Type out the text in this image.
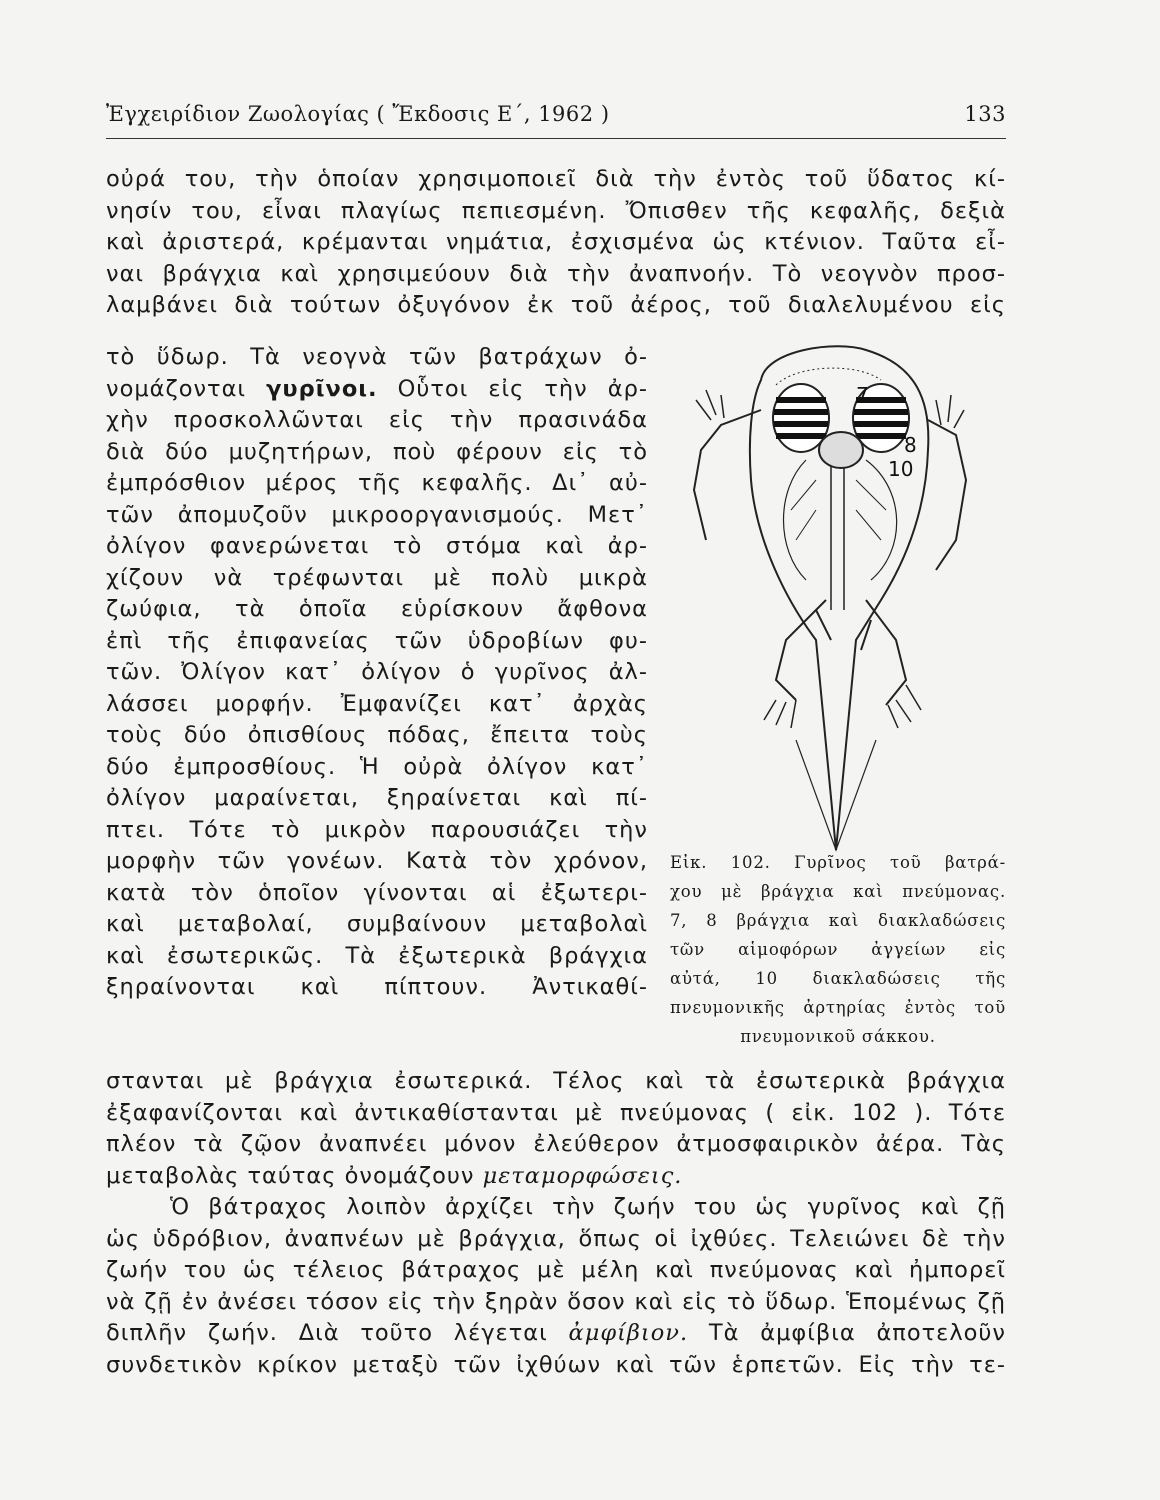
Ἐγχειρίδιον Ζωολογίας ( Ἔκδοσις Ε΄, 1962 )	133
οὐρά του, τὴν ὁποίαν χρησιμοποιεῖ διὰ τὴν ἐντὸς τοῦ ὕδατος κί-
νησίν του, εἶναι πλαγίως πεπιεσμένη. Ὄπισθεν τῆς κεφαλῆς, δεξιὰ
καὶ ἀριστερά, κρέμανται νημάτια, ἐσχισμένα ὡς κτένιον. Ταῦτα εἶ-
ναι βράγχια καὶ χρησιμεύουν διὰ τὴν ἀναπνοήν. Τὸ νεογνὸν προσ-
λαμβάνει διὰ τούτων ὀξυγόνον ἐκ τοῦ ἀέρος, τοῦ διαλελυμένου εἰς
τὸ ὕδωρ. Τὰ νεογνὰ τῶν βατράχων ὀ-
νομάζονται γυρῖνοι. Οὗτοι εἰς τὴν ἀρ-
χὴν προσκολλῶνται εἰς τὴν πρασινάδα
διὰ δύο μυζητήρων, ποὺ φέρουν εἰς τὸ
ἐμπρόσθιον μέρος τῆς κεφαλῆς. Δι᾽ αὐ-
τῶν ἀπομυζοῦν μικροοργανισμούς. Μετ᾽
ὀλίγον φανερώνεται τὸ στόμα καὶ ἀρ-
χίζουν νὰ τρέφωνται μὲ πολὺ μικρὰ
ζωύφια, τὰ ὁποῖα εὑρίσκουν ἄφθονα
ἐπὶ τῆς ἐπιφανείας τῶν ὑδροβίων φυ-
τῶν. Ὀλίγον κατ᾽ ὀλίγον ὁ γυρῖνος ἀλ-
λάσσει μορφήν. Ἐμφανίζει κατ᾽ ἀρχὰς
τοὺς δύο ὀπισθίους πόδας, ἔπειτα τοὺς
δύο ἐμπροσθίους. Ἡ οὐρὰ ὀλίγον κατ᾽
ὀλίγον μαραίνεται, ξηραίνεται καὶ πί-
πτει. Τότε τὸ μικρὸν παρουσιάζει τὴν
μορφὴν τῶν γονέων. Κατὰ τὸν χρόνον,
κατὰ τὸν ὁποῖον γίνονται αἱ ἐξωτερι-
καὶ μεταβολαί, συμβαίνουν μεταβολαὶ
καὶ ἐσωτερικῶς. Τὰ ἐξωτερικὰ βράγχια
ξηραίνονται καὶ πίπτουν. Ἀντικαθί-
7
8
10
Εἰκ. 102. Γυρῖνος τοῦ βατρά-
χου μὲ βράγχια καὶ πνεύμονας.
7, 8 βράγχια καὶ διακλαδώσεις
τῶν αἱμοφόρων ἀγγείων εἰς
αὐτά, 10 διακλαδώσεις τῆς
πνευμονικῆς ἀρτηρίας ἐντὸς τοῦ
πνευμονικοῦ σάκκου.
στανται μὲ βράγχια ἐσωτερικά. Τέλος καὶ τὰ ἐσωτερικὰ βράγχια
ἐξαφανίζονται καὶ ἀντικαθίστανται μὲ πνεύμονας ( εἰκ. 102 ). Τότε
πλέον τὰ ζῷον ἀναπνέει μόνον ἐλεύθερον ἀτμοσφαιρικὸν ἀέρα. Τὰς
μεταβολὰς ταύτας ὀνομάζουν μεταμορφώσεις.
Ὁ βάτραχος λοιπὸν ἀρχίζει τὴν ζωήν του ὡς γυρῖνος καὶ ζῇ
ὡς ὑδρόβιον, ἀναπνέων μὲ βράγχια, ὅπως οἱ ἰχθύες. Τελειώνει δὲ τὴν
ζωήν του ὡς τέλειος βάτραχος μὲ μέλη καὶ πνεύμονας καὶ ἠμπορεῖ
νὰ ζῇ ἐν ἀνέσει τόσον εἰς τὴν ξηρὰν ὅσον καὶ εἰς τὸ ὕδωρ. Ἑπομένως ζῇ
διπλῆν ζωήν. Διὰ τοῦτο λέγεται ἀμφίβιον. Τὰ ἀμφίβια ἀποτελοῦν
συνδετικὸν κρίκον μεταξὺ τῶν ἰχθύων καὶ τῶν ἑρπετῶν. Εἰς τὴν τε-
